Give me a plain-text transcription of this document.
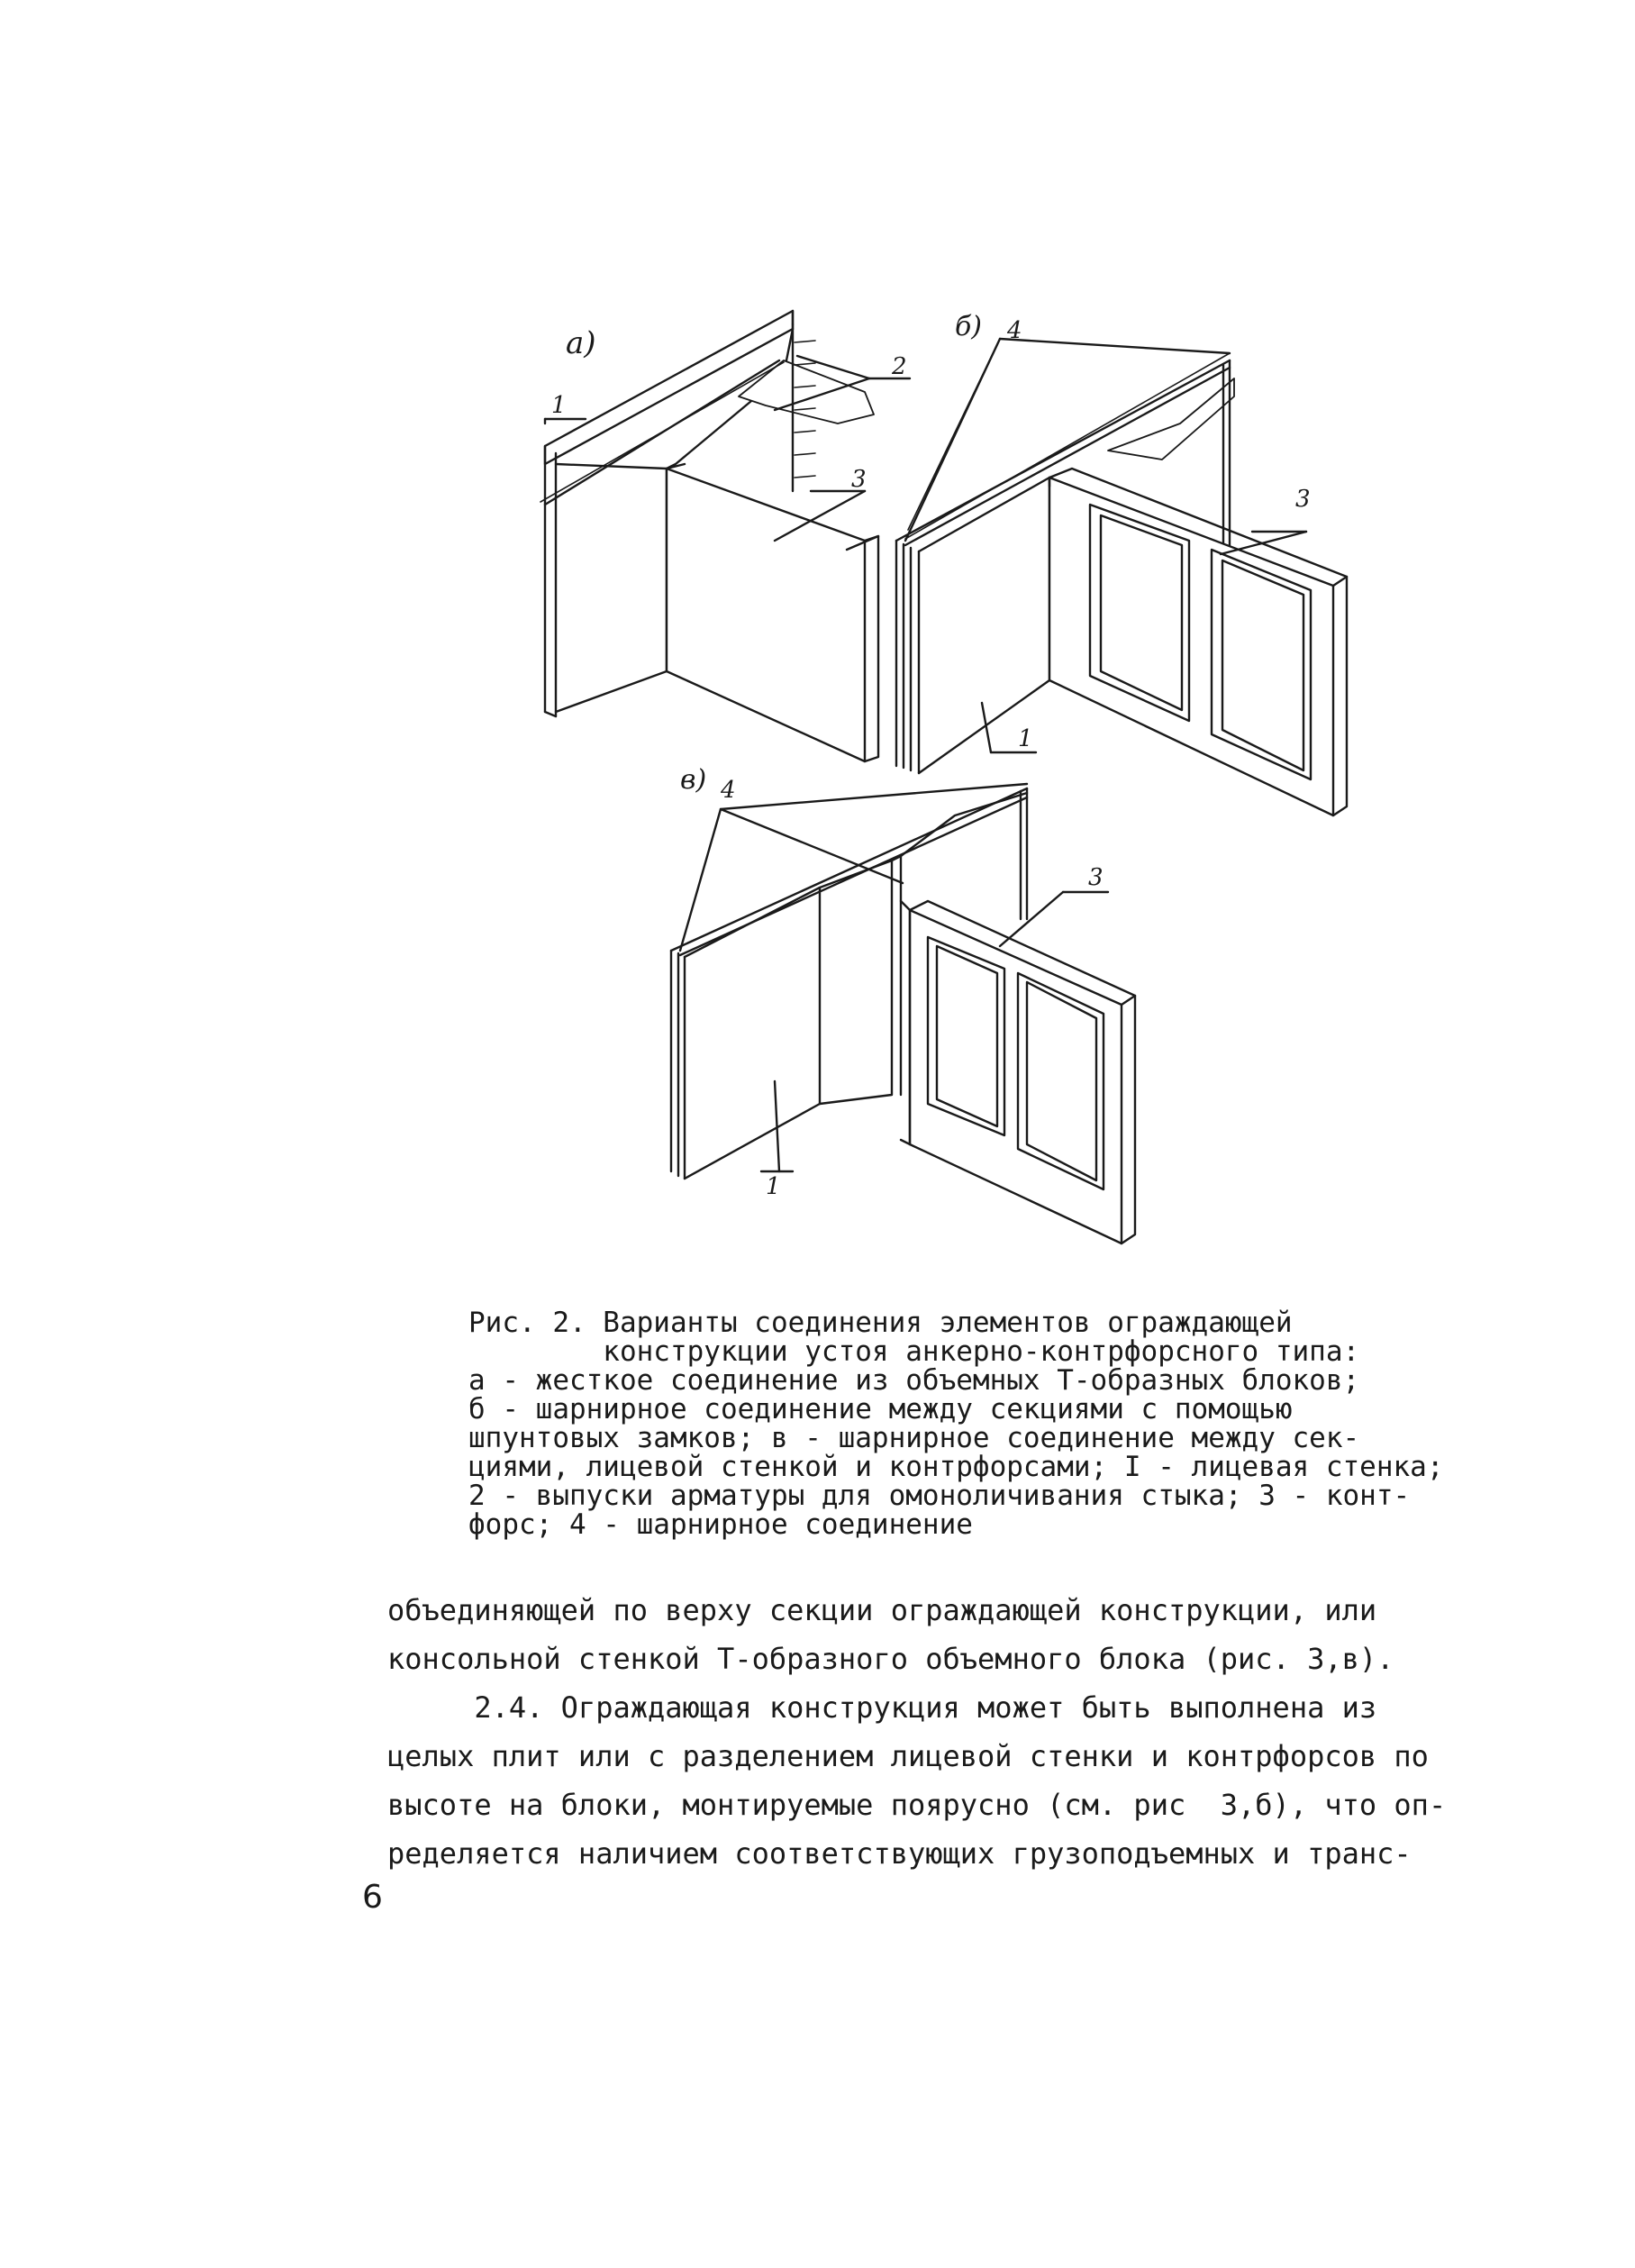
а)
1
2
3
б) 4
3
1
в) 4
3
1
Рис. 2. Варианты соединения элементов ограждающей
конструкции устоя анкерно-контрфорсного типа:
а - жесткое соединение из объемных Т-образных блоков;
б - шарнирное соединение между секциями с помощью
шпунтовых замков; в - шарнирное соединение между сек-
циями, лицевой стенкой и контрфорсами; I - лицевая стенка;
2 - выпуски арматуры для омоноличивания стыка; 3 - конт-
форс; 4 - шарнирное соединение
объединяющей по верху секции ограждающей конструкции, или
консольной стенкой Т-образного объемного блока (рис. 3,в).
2.4. Ограждающая конструкция может быть выполнена из
целых плит или с разделением лицевой стенки и контрфорсов по
высоте на блоки, монтируемые поярусно (см. рис  3,б), что оп-
ределяется наличием соответствующих грузоподъемных и транс-
6
